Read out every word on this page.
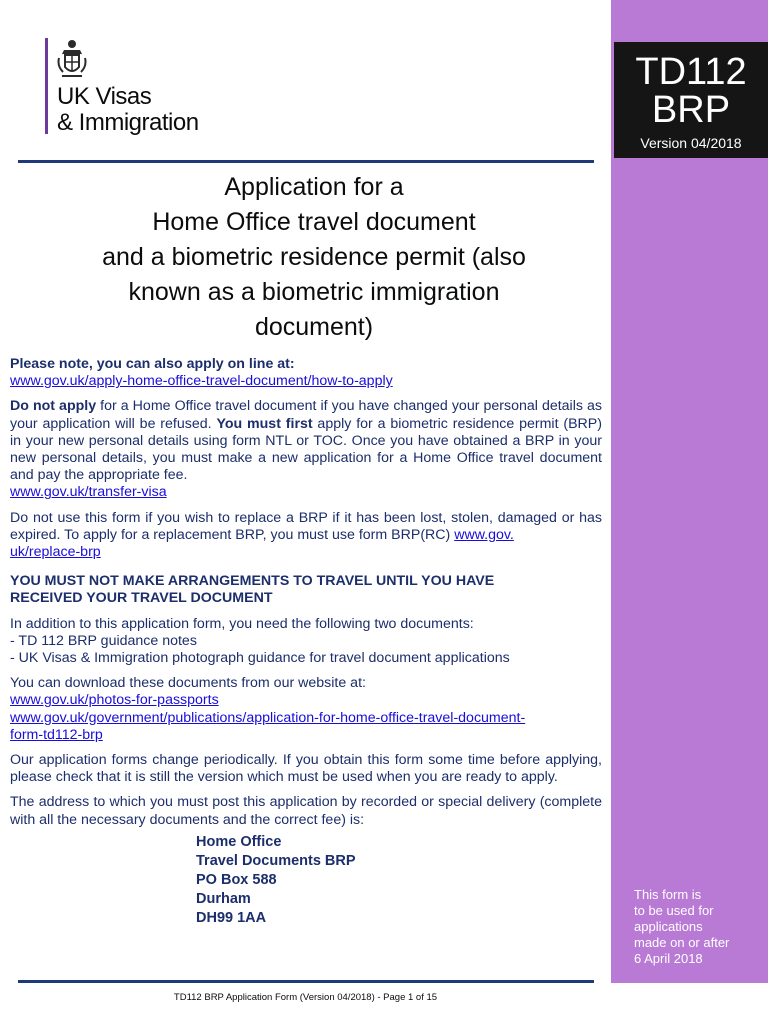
TD112
BRP
Version 04/2018
This form is
to be used for
applications
made on or after
6 April 2018
UK Visas
& Immigration
Application for a
Home Office travel document
and a biometric residence permit (also
known as a biometric immigration
document)

Please note, you can also apply on line at:
www.gov.uk/apply-home-office-travel-document/how-to-apply

Do not apply for a Home Office travel document if you have changed your personal details as your application will be refused. You must first apply for a biometric residence permit (BRP) in your new personal details using form NTL or TOC. Once you have obtained a BRP in your new personal details, you must make a new application for a Home Office travel document and pay the appropriate fee.
www.gov.uk/transfer-visa

Do not use this form if you wish to replace a BRP if it has been lost, stolen, damaged or has expired. To apply for a replacement BRP, you must use form BRP(RC) www.gov.
uk/replace-brp

YOU MUST NOT MAKE ARRANGEMENTS TO TRAVEL UNTIL YOU HAVE
RECEIVED YOUR TRAVEL DOCUMENT

In addition to this application form, you need the following two documents:
- TD 112 BRP guidance notes
- UK Visas & Immigration photograph guidance for travel document applications

You can download these documents from our website at:
www.gov.uk/photos-for-passports
www.gov.uk/government/publications/application-for-home-office-travel-document-
form-td112-brp

Our application forms change periodically. If you obtain this form some time before applying, please check that it is still the version which must be used when you are ready to apply.

The address to which you must post this application by recorded or special delivery (complete with all the necessary documents and the correct fee) is:

Home Office
Travel Documents BRP
PO Box 588
Durham
DH99 1AA
TD112 BRP Application Form (Version 04/2018) - Page 1 of 15
